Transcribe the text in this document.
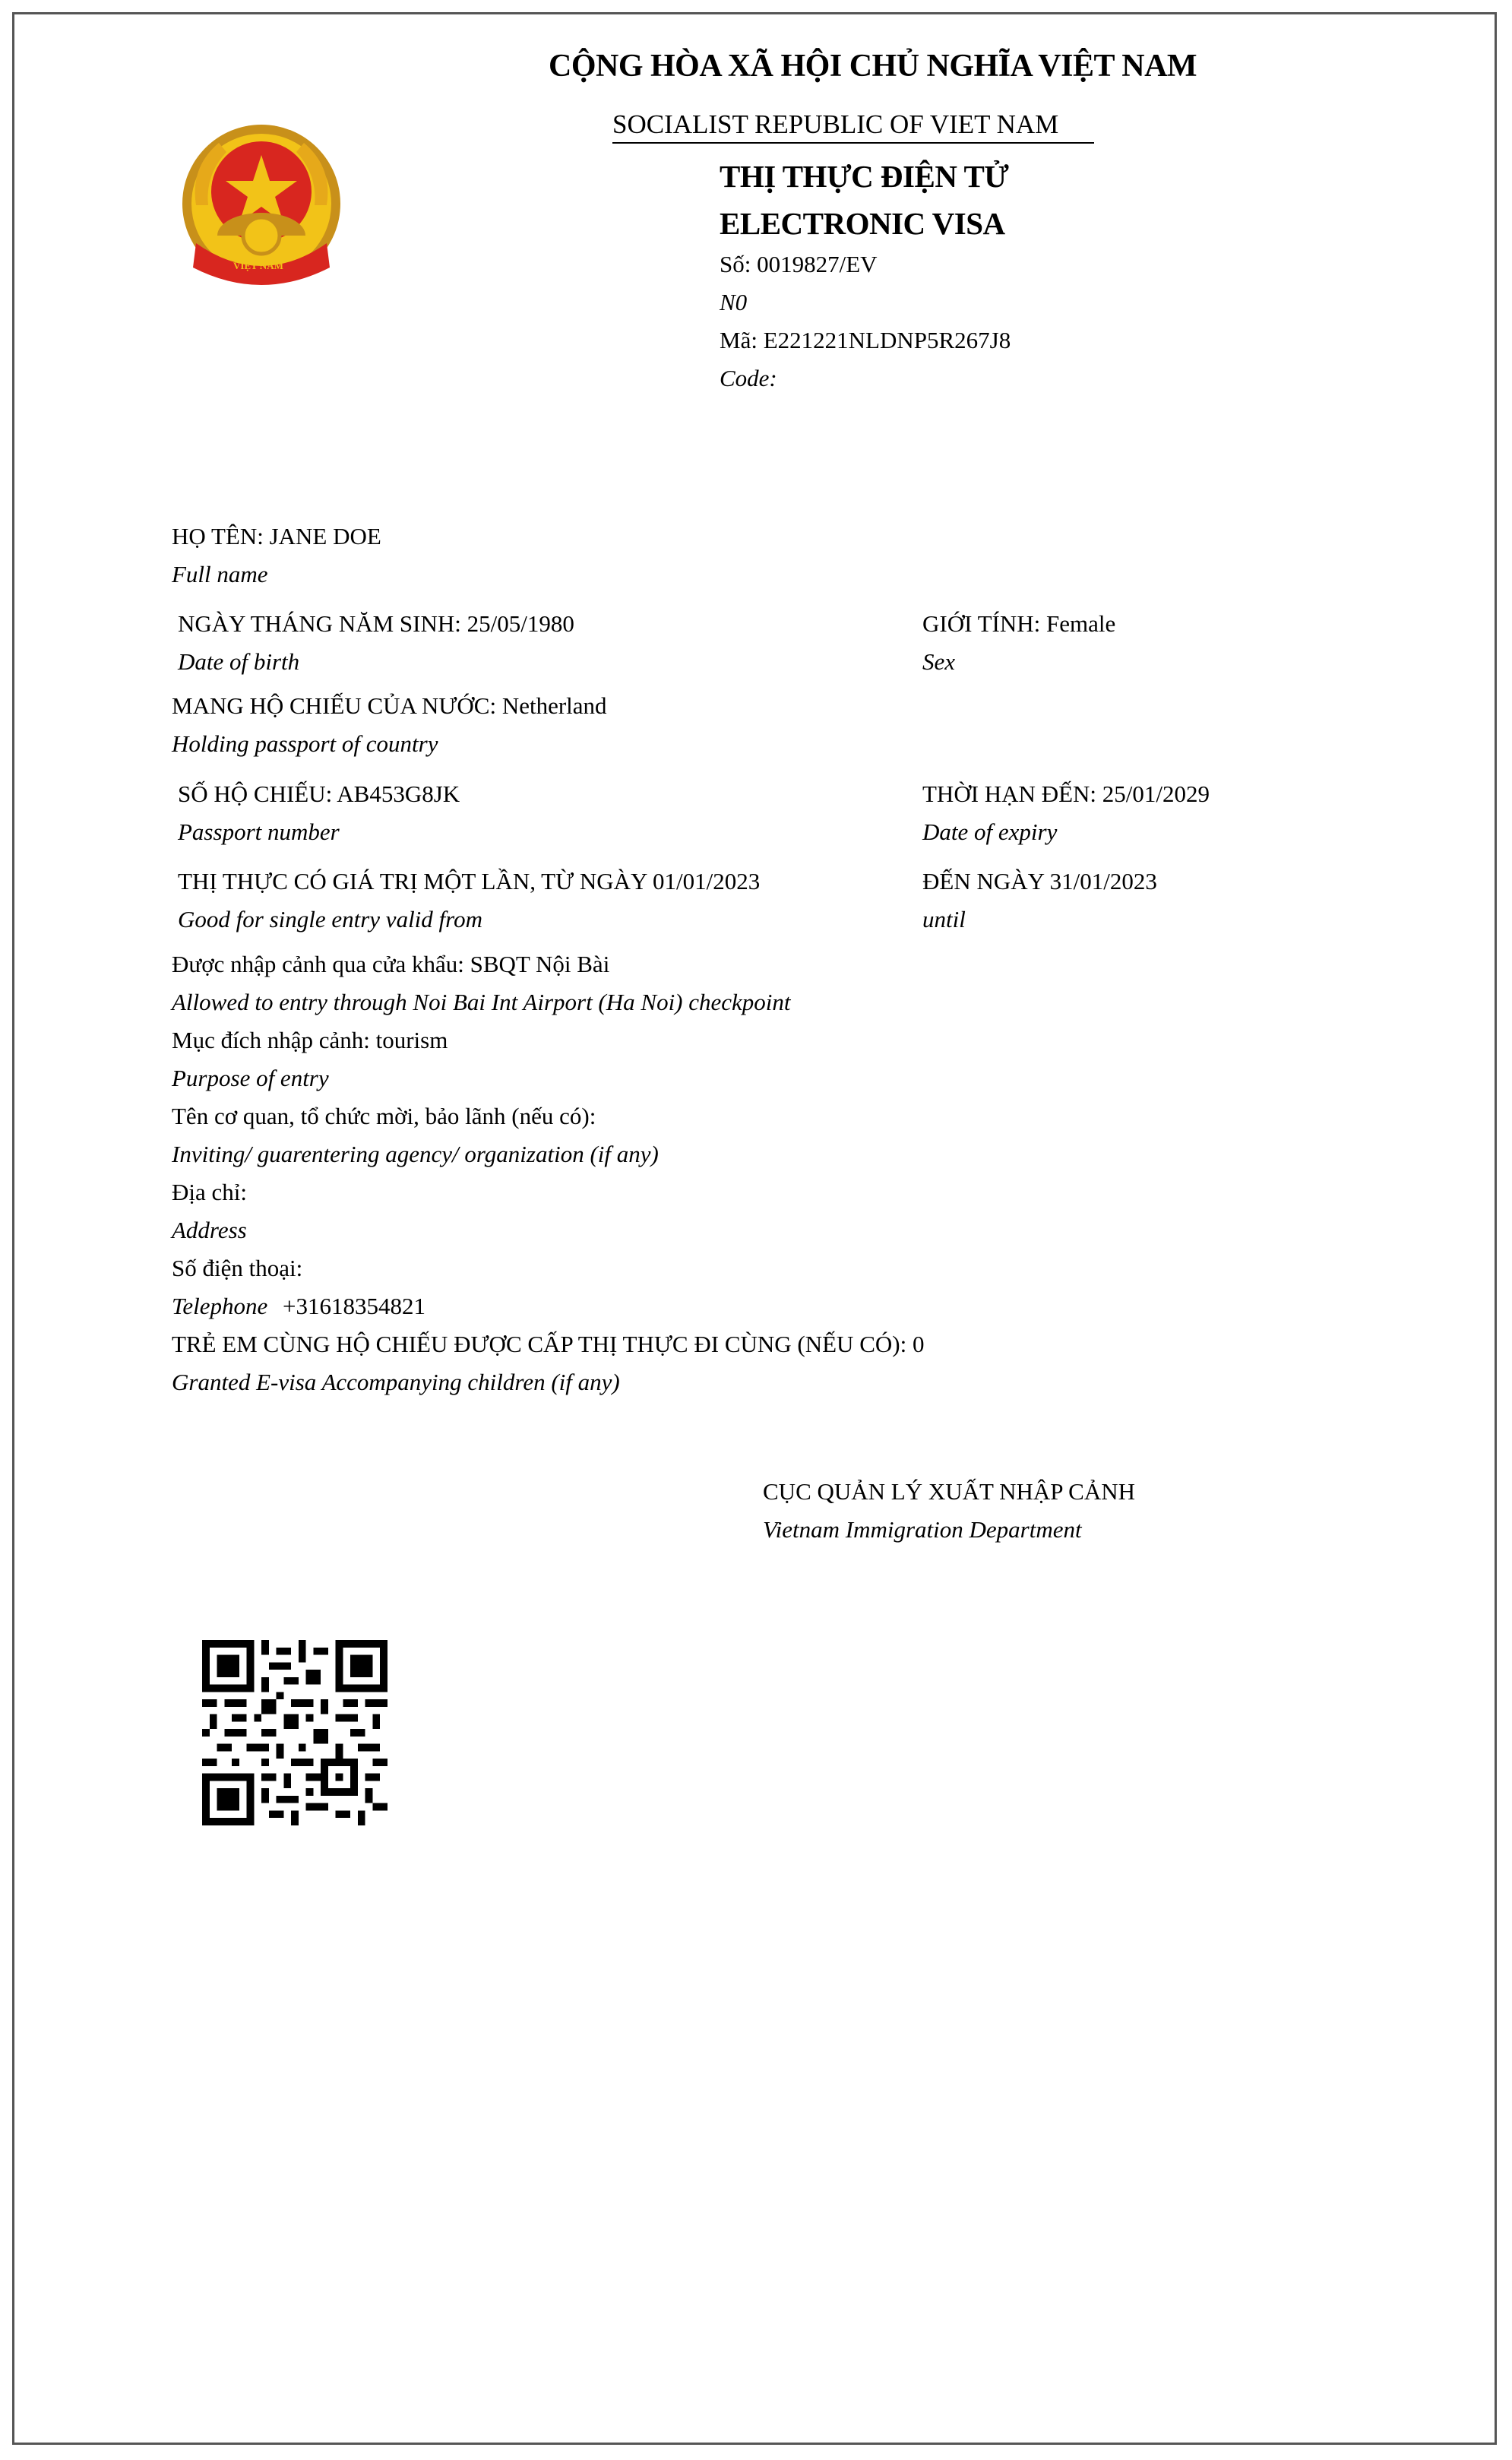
VIỆT NAM
CỘNG HÒA XÃ HỘI CHỦ NGHĨA VIỆT NAM
SOCIALIST REPUBLIC OF VIET NAM
THỊ THỰC ĐIỆN TỬ
ELECTRONIC VISA
Số: 0019827/EV
N0
Mã: E221221NLDNP5R267J8
Code:
HỌ TÊN: JANE DOE
Full name
NGÀY THÁNG NĂM SINH: 25/05/1980
Date of birth
GIỚI TÍNH: Female
Sex
MANG HỘ CHIẾU CỦA NƯỚC: Netherland
Holding passport of country
SỐ HỘ CHIẾU: AB453G8JK
Passport number
THỜI HẠN ĐẾN: 25/01/2029
Date of expiry
THỊ THỰC CÓ GIÁ TRỊ MỘT LẦN, TỪ NGÀY 01/01/2023
Good for single entry valid from
ĐẾN NGÀY 31/01/2023
until
Được nhập cảnh qua cửa khẩu: SBQT Nội Bài
Allowed to entry through Noi Bai Int Airport (Ha Noi) checkpoint
Mục đích nhập cảnh: tourism
Purpose of entry
Tên cơ quan, tổ chức mời, bảo lãnh (nếu có):
Inviting/ guarentering agency/ organization (if any)
Địa chỉ:
Address
Số điện thoại:
Telephone +31618354821
TRẺ EM CÙNG HỘ CHIẾU ĐƯỢC CẤP THỊ THỰC ĐI CÙNG (NẾU CÓ): 0
Granted E-visa Accompanying children (if any)
CỤC QUẢN LÝ XUẤT NHẬP CẢNH
Vietnam Immigration Department
